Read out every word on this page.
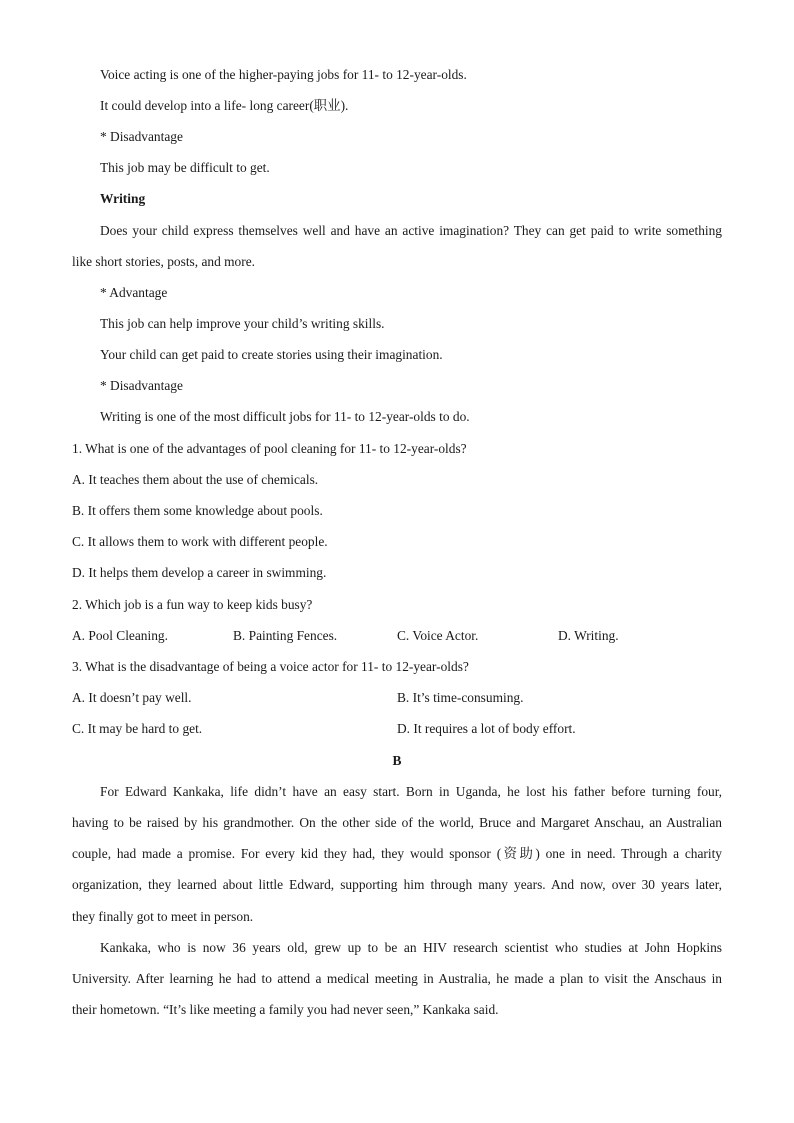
Voice acting is one of the higher-paying jobs for 11- to 12-year-olds.
It could develop into a life- long career(职业).
* Disadvantage
This job may be difficult to get.
Writing
Does your child express themselves well and have an active imagination? They can get paid to write something
like short stories, posts, and more.
* Advantage
This job can help improve your child’s writing skills.
Your child can get paid to create stories using their imagination.
* Disadvantage
Writing is one of the most difficult jobs for 11- to 12-year-olds to do.
1. What is one of the advantages of pool cleaning for 11- to 12-year-olds?
A. It teaches them about the use of chemicals.
B. It offers them some knowledge about pools.
C. It allows them to work with different people.
D. It helps them develop a career in swimming.
2. Which job is a fun way to keep kids busy?
A. Pool Cleaning.	B. Painting Fences.	C. Voice Actor.	D. Writing.
3. What is the disadvantage of being a voice actor for 11- to 12-year-olds?
A. It doesn’t pay well.	B. It’s time-consuming.
C. It may be hard to get.	D. It requires a lot of body effort.
B
For Edward Kankaka, life didn’t have an easy start. Born in Uganda, he lost his father before turning four,
having to be raised by his grandmother. On the other side of the world, Bruce and Margaret Anschau, an Australian
couple, had made a promise. For every kid they had, they would sponsor (资助) one in need. Through a charity
organization, they learned about little Edward, supporting him through many years. And now, over 30 years later,
they finally got to meet in person.
Kankaka, who is now 36 years old, grew up to be an HIV research scientist who studies at John Hopkins
University. After learning he had to attend a medical meeting in Australia, he made a plan to visit the Anschaus in
their hometown. “It’s like meeting a family you had never seen,” Kankaka said.
